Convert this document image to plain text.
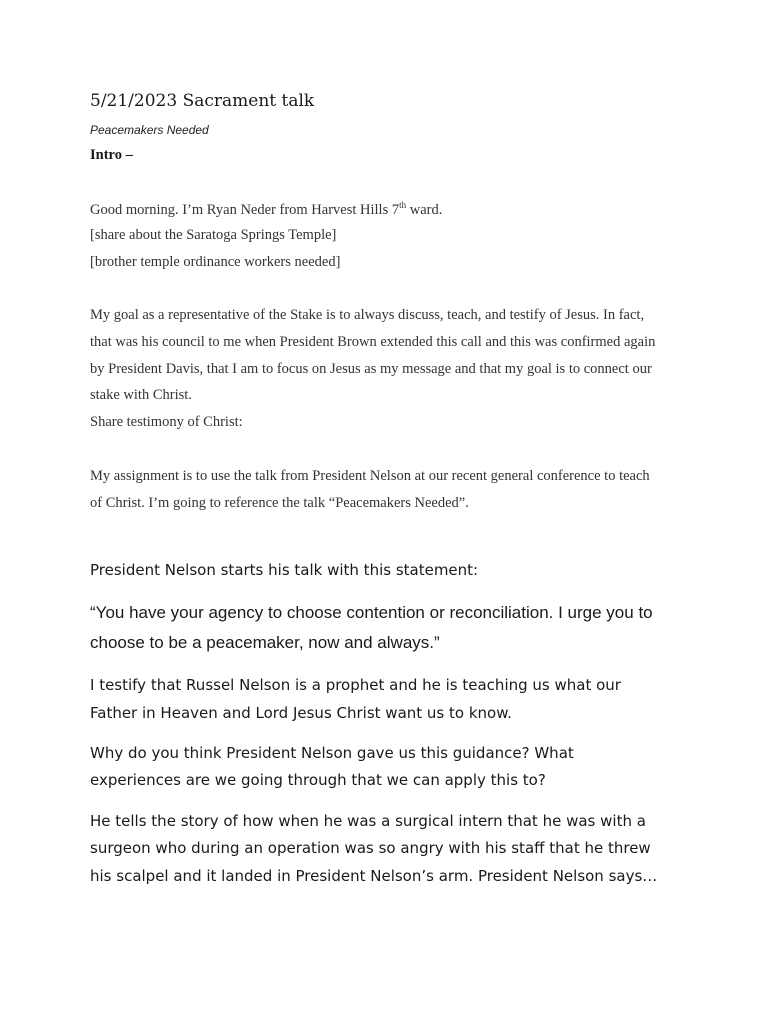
5/21/2023 Sacrament talk
Peacemakers Needed
Intro –
Good morning. I’m Ryan Neder from Harvest Hills 7th ward.
[share about the Saratoga Springs Temple]
[brother temple ordinance workers needed]
My goal as a representative of the Stake is to always discuss, teach, and testify of Jesus. In fact,
that was his council to me when President Brown extended this call and this was confirmed again
by President Davis, that I am to focus on Jesus as my message and that my goal is to connect our
stake with Christ.
Share testimony of Christ:
My assignment is to use the talk from President Nelson at our recent general conference to teach
of Christ. I’m going to reference the talk “Peacemakers Needed”.
President Nelson starts his talk with this statement:
“You have your agency to choose contention or reconciliation. I urge you to
choose to be a peacemaker, now and always.”
I testify that Russel Nelson is a prophet and he is teaching us what our
Father in Heaven and Lord Jesus Christ want us to know.
Why do you think President Nelson gave us this guidance? What
experiences are we going through that we can apply this to?
He tells the story of how when he was a surgical intern that he was with a
surgeon who during an operation was so angry with his staff that he threw
his scalpel and it landed in President Nelson’s arm. President Nelson says…
